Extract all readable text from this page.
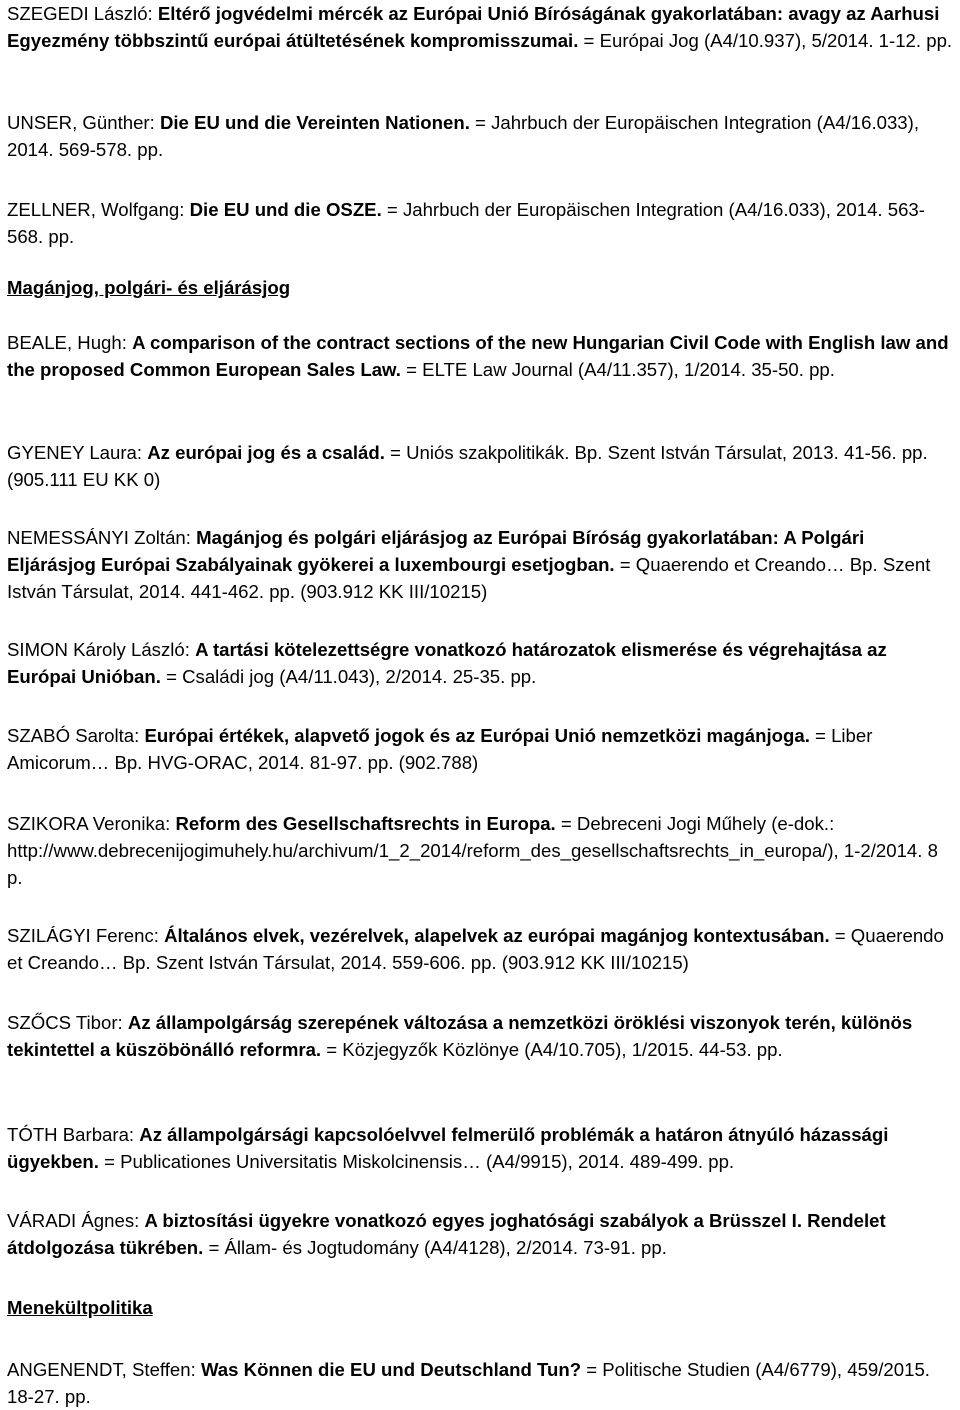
SZEGEDI László: Eltérő jogvédelmi mércék az Európai Unió Bíróságának gyakorlatában: avagy az Aarhusi Egyezmény többszintű európai átültetésének kompromisszumai. = Európai Jog (A4/10.937), 5/2014. 1-12. pp.

UNSER, Günther: Die EU und die Vereinten Nationen. = Jahrbuch der Europäischen Integration (A4/16.033), 2014. 569-578. pp.

ZELLNER, Wolfgang: Die EU und die OSZE. = Jahrbuch der Europäischen Integration (A4/16.033), 2014. 563-568. pp.

Magánjog, polgári- és eljárásjog

BEALE, Hugh: A comparison of the contract sections of the new Hungarian Civil Code with English law and the proposed Common European Sales Law. = ELTE Law Journal (A4/11.357), 1/2014. 35-50. pp.

GYENEY Laura: Az európai jog és a család. = Uniós szakpolitikák. Bp. Szent István Társulat, 2013. 41-56. pp.(905.111 EU KK 0)

NEMESSÁNYI Zoltán: Magánjog és polgári eljárásjog az Európai Bíróság gyakorlatában: A Polgári Eljárásjog Európai Szabályainak gyökerei a luxembourgi esetjogban. = Quaerendo et Creando… Bp. Szent István Társulat, 2014. 441-462. pp. (903.912 KK III/10215)

SIMON Károly László: A tartási kötelezettségre vonatkozó határozatok elismerése és végrehajtása az Európai Unióban. = Családi jog (A4/11.043), 2/2014. 25-35. pp.

SZABÓ Sarolta: Európai értékek, alapvető jogok és az Európai Unió nemzetközi magánjoga. = Liber Amicorum… Bp. HVG-ORAC, 2014. 81-97. pp. (902.788)

SZIKORA Veronika: Reform des Gesellschaftsrechts in Europa. = Debreceni Jogi Műhely (e-dok.: http://www.debrecenijogimuhely.hu/archivum/1_2_2014/reform_des_gesellschaftsrechts_in_europa/), 1-2/2014. 8 p.

SZILÁGYI Ferenc: Általános elvek, vezérelvek, alapelvek az európai magánjog kontextusában. = Quaerendo et Creando… Bp. Szent István Társulat, 2014. 559-606. pp. (903.912 KK III/10215)

SZŐCS Tibor: Az állampolgárság szerepének változása a nemzetközi öröklési viszonyok terén, különös tekintettel a küszöbönálló reformra. = Közjegyzők Közlönye (A4/10.705), 1/2015. 44-53. pp.

TÓTH Barbara: Az állampolgársági kapcsolóelvvel felmerülő problémák a határon átnyúló házassági ügyekben. = Publicationes Universitatis Miskolcinensis… (A4/9915), 2014. 489-499. pp.

VÁRADI Ágnes: A biztosítási ügyekre vonatkozó egyes joghatósági szabályok a Brüsszel I. Rendelet átdolgozása tükrében. = Állam- és Jogtudomány (A4/4128), 2/2014. 73-91. pp.

Menekültpolitika

ANGENENDT, Steffen: Was Können die EU und Deutschland Tun? = Politische Studien (A4/6779), 459/2015. 18-27. pp.
